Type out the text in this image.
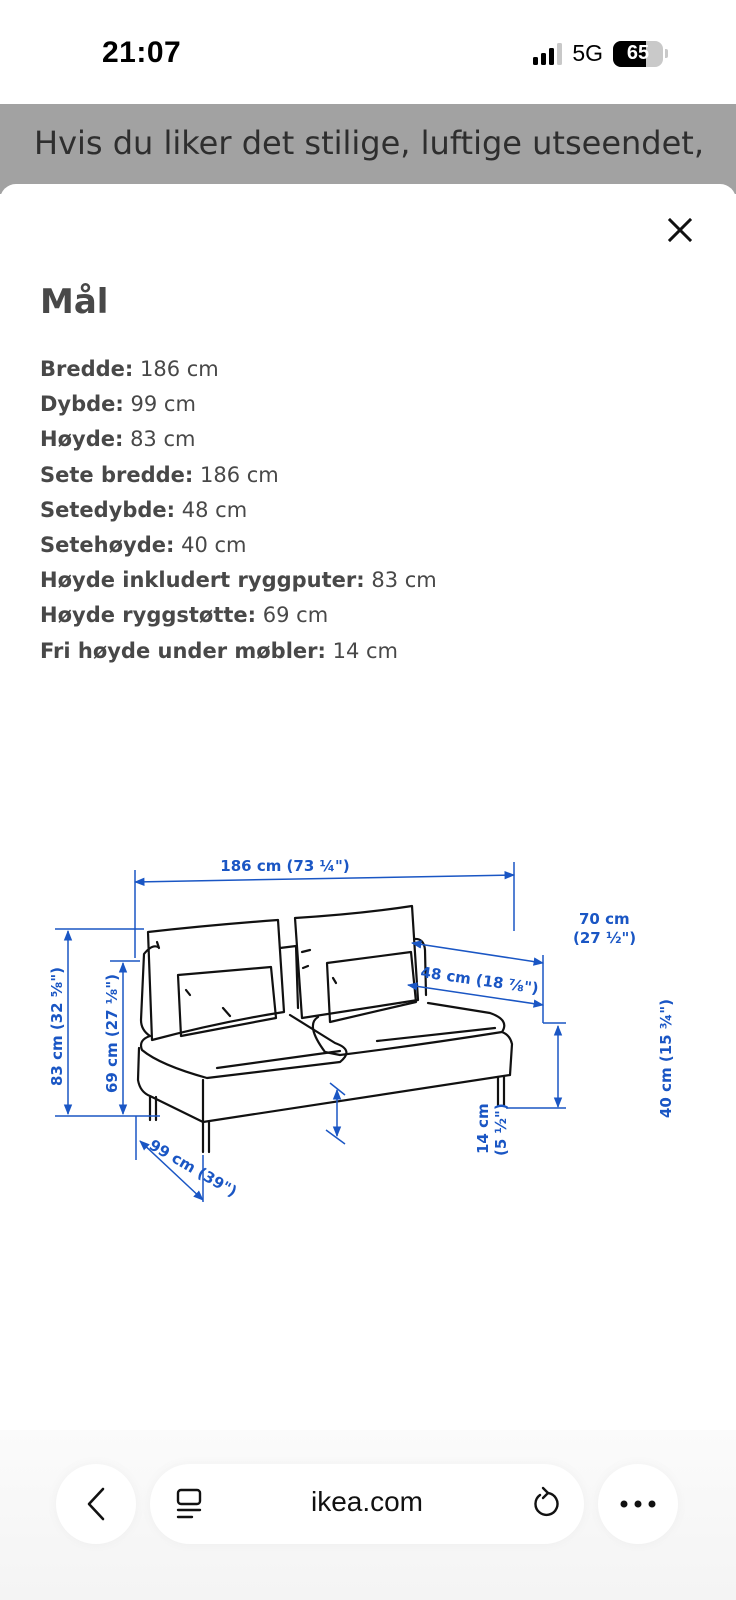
21:07	5G	65
Hvis du liker det stilige, luftige utseendet,
Mål
Bredde: 186 cm
Dybde: 99 cm
Høyde: 83 cm
Sete bredde: 186 cm
Setedybde: 48 cm
Setehøyde: 40 cm
Høyde inkludert ryggputer: 83 cm
Høyde ryggstøtte: 69 cm
Fri høyde under møbler: 14 cm
186 cm (73 ¼")
70 cm
(27 ½")
48 cm (18 ⅞")
83 cm (32 ⅝") 69 cm (27 ⅛")	40 cm (15 ¾")
14 cm (5 ½")
99 cm (39")
ikea.com
